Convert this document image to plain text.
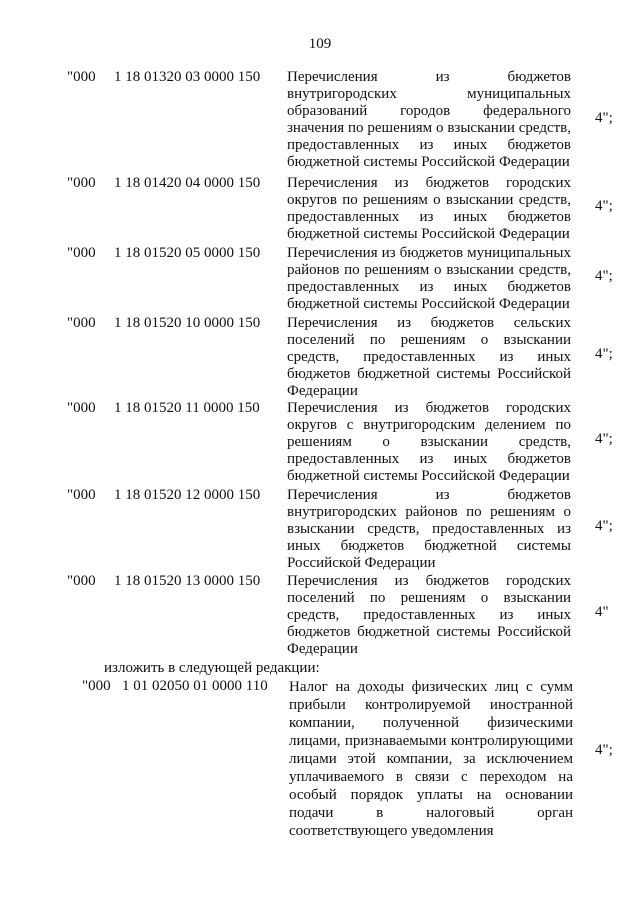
109
"000 1 18 01320 03 0000 150 Перечисления из бюджетов внутригородских муниципальных образований городов федерального значения по решениям о взыскании средств, предоставленных из иных бюджетов бюджетной системы Российской Федерации
4";
"000 1 18 01420 04 0000 150 Перечисления из бюджетов городских округов по решениям о взыскании средств, предоставленных из иных бюджетов бюджетной системы Российской Федерации
4";
"000 1 18 01520 05 0000 150 Перечисления из бюджетов муниципальных районов по решениям о взыскании средств, предоставленных из иных бюджетов бюджетной системы Российской Федерации
4";
"000 1 18 01520 10 0000 150 Перечисления из бюджетов сельских поселений по решениям о взыскании средств, предоставленных из иных бюджетов бюджетной системы Российской Федерации
4";
"000 1 18 01520 11 0000 150 Перечисления из бюджетов городских округов с внутригородским делением по решениям о взыскании средств, предоставленных из иных бюджетов бюджетной системы Российской Федерации
4";
"000 1 18 01520 12 0000 150 Перечисления из бюджетов внутригородских районов по решениям о взыскании средств, предоставленных из иных бюджетов бюджетной системы Российской Федерации
4";
"000 1 18 01520 13 0000 150 Перечисления из бюджетов городских поселений по решениям о взыскании средств, предоставленных из иных бюджетов бюджетной системы Российской Федерации
4"
изложить в следующей редакции:
"000 1 01 02050 01 0000 110 Налог на доходы физических лиц с сумм прибыли контролируемой иностранной компании, полученной физическими лицами, признаваемыми контролирующими лицами этой компании, за исключением уплачиваемого в связи с переходом на особый порядок уплаты на основании подачи в налоговый орган соответствующего уведомления
4";
